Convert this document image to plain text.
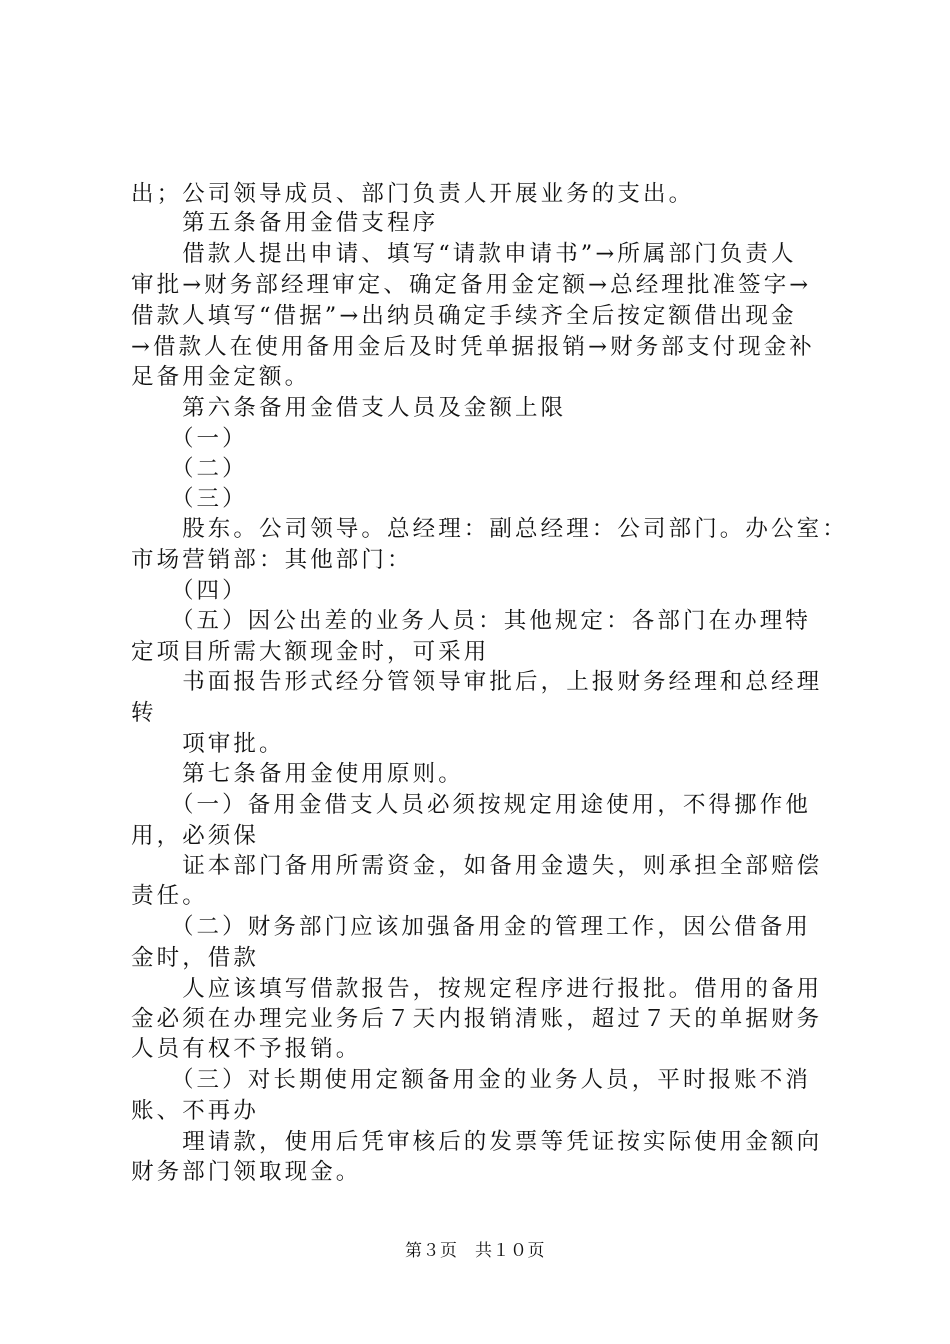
出；公司领导成员、部门负责人开展业务的支出。
　　第五条备用金借支程序
　　借款人提出申请、填写“请款申请书”→所属部门负责人
审批→财务部经理审定、确定备用金定额→总经理批准签字→
借款人填写“借据”→出纳员确定手续齐全后按定额借出现金
→借款人在使用备用金后及时凭单据报销→财务部支付现金补
足备用金定额。
　　第六条备用金借支人员及金额上限
　　（一）
　　（二）
　　（三）
　　股东。公司领导。总经理：副总经理：公司部门。办公室：
市场营销部：其他部门：
　　（四）
　　（五）因公出差的业务人员：其他规定：各部门在办理特
定项目所需大额现金时，可采用
　　书面报告形式经分管领导审批后，上报财务经理和总经理
转
　　项审批。
　　第七条备用金使用原则。
　　（一）备用金借支人员必须按规定用途使用，不得挪作他
用，必须保
　　证本部门备用所需资金，如备用金遗失，则承担全部赔偿
责任。
　　（二）财务部门应该加强备用金的管理工作，因公借备用
金时，借款
　　人应该填写借款报告，按规定程序进行报批。借用的备用
金必须在办理完业务后７天内报销清账，超过７天的单据财务
人员有权不予报销。
　　（三）对长期使用定额备用金的业务人员，平时报账不消
账、不再办
　　理请款，使用后凭审核后的发票等凭证按实际使用金额向
财务部门领取现金。
第３页　共１０页
